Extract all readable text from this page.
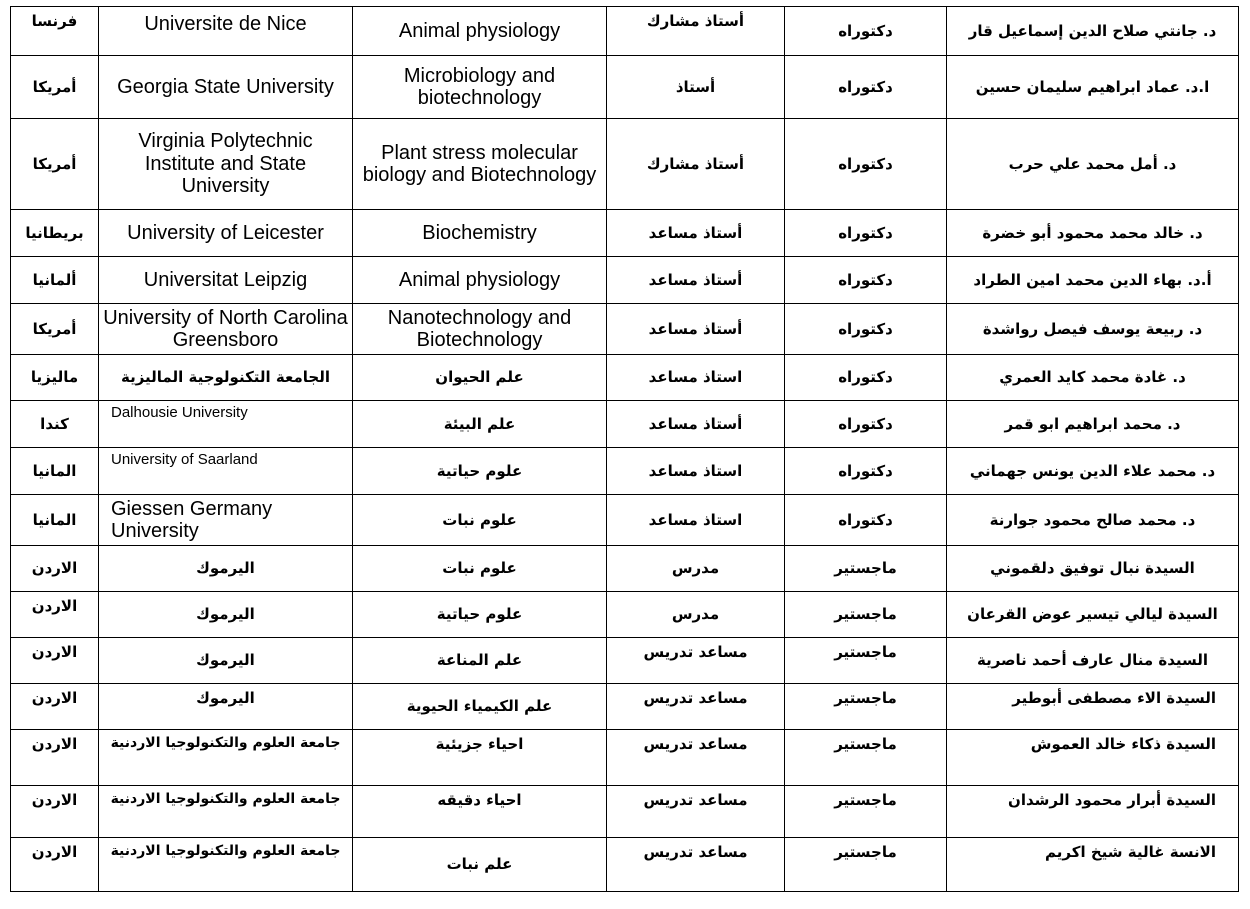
فرنسا	Universite de Nice	Animal physiology	أستاذ مشارك	دكتوراه	د. جانتي صلاح الدين إسماعيل قار
أمريكا	Georgia State University	Microbiology and biotechnology	أستاذ	دكتوراه	ا.د. عماد ابراهيم سليمان حسين
أمريكا	Virginia Polytechnic Institute and State University	Plant stress molecular biology and Biotechnology	أستاذ مشارك	دكتوراه	د. أمل محمد علي حرب
بريطانيا	University of Leicester	Biochemistry	أستاذ مساعد	دكتوراه	د. خالد محمد محمود أبو خضرة
ألمانيا	Universitat Leipzig	Animal physiology	أستاذ مساعد	دكتوراه	أ.د. بهاء الدين محمد امين الطراد
أمريكا	University of North Carolina Greensboro	Nanotechnology and Biotechnology	أستاذ مساعد	دكتوراه	د. ربيعة يوسف فيصل رواشدة
ماليزيا	الجامعة التكنولوجية الماليزية	علم الحيوان	استاذ مساعد	دكتوراه	د. غادة محمد كايد العمري
كندا	Dalhousie University	علم البيئة	أستاذ مساعد	دكتوراه	د. محمد ابراهيم ابو قمر
المانيا	University of Saarland	علوم حياتية	استاذ مساعد	دكتوراه	د. محمد علاء الدين يونس جهماني
المانيا	Giessen Germany University	علوم نبات	استاذ مساعد	دكتوراه	د. محمد صالح محمود جوارنة
الاردن	اليرموك	علوم نبات	مدرس	ماجستير	السيدة نبال توفيق دلقموني
الاردن	اليرموك	علوم حياتية	مدرس	ماجستير	السيدة ليالي تيسير عوض القرعان
الاردن	اليرموك	علم المناعة	مساعد تدريس	ماجستير	السيدة منال عارف أحمد ناصرية
الاردن	اليرموك	علم الكيمياء الحيوية	مساعد تدريس	ماجستير	السيدة الاء مصطفى أبوطير
الاردن	جامعة العلوم والتكنولوجيا الاردنية	احياء جزيئية	مساعد تدريس	ماجستير	السيدة ذكاء خالد العموش
الاردن	جامعة العلوم والتكنولوجيا الاردنية	احياء دقيقه	مساعد تدريس	ماجستير	السيدة أبرار محمود الرشدان
الاردن	جامعة العلوم والتكنولوجيا الاردنية	علم نبات	مساعد تدريس	ماجستير	الانسة غالية شيخ اكريم
